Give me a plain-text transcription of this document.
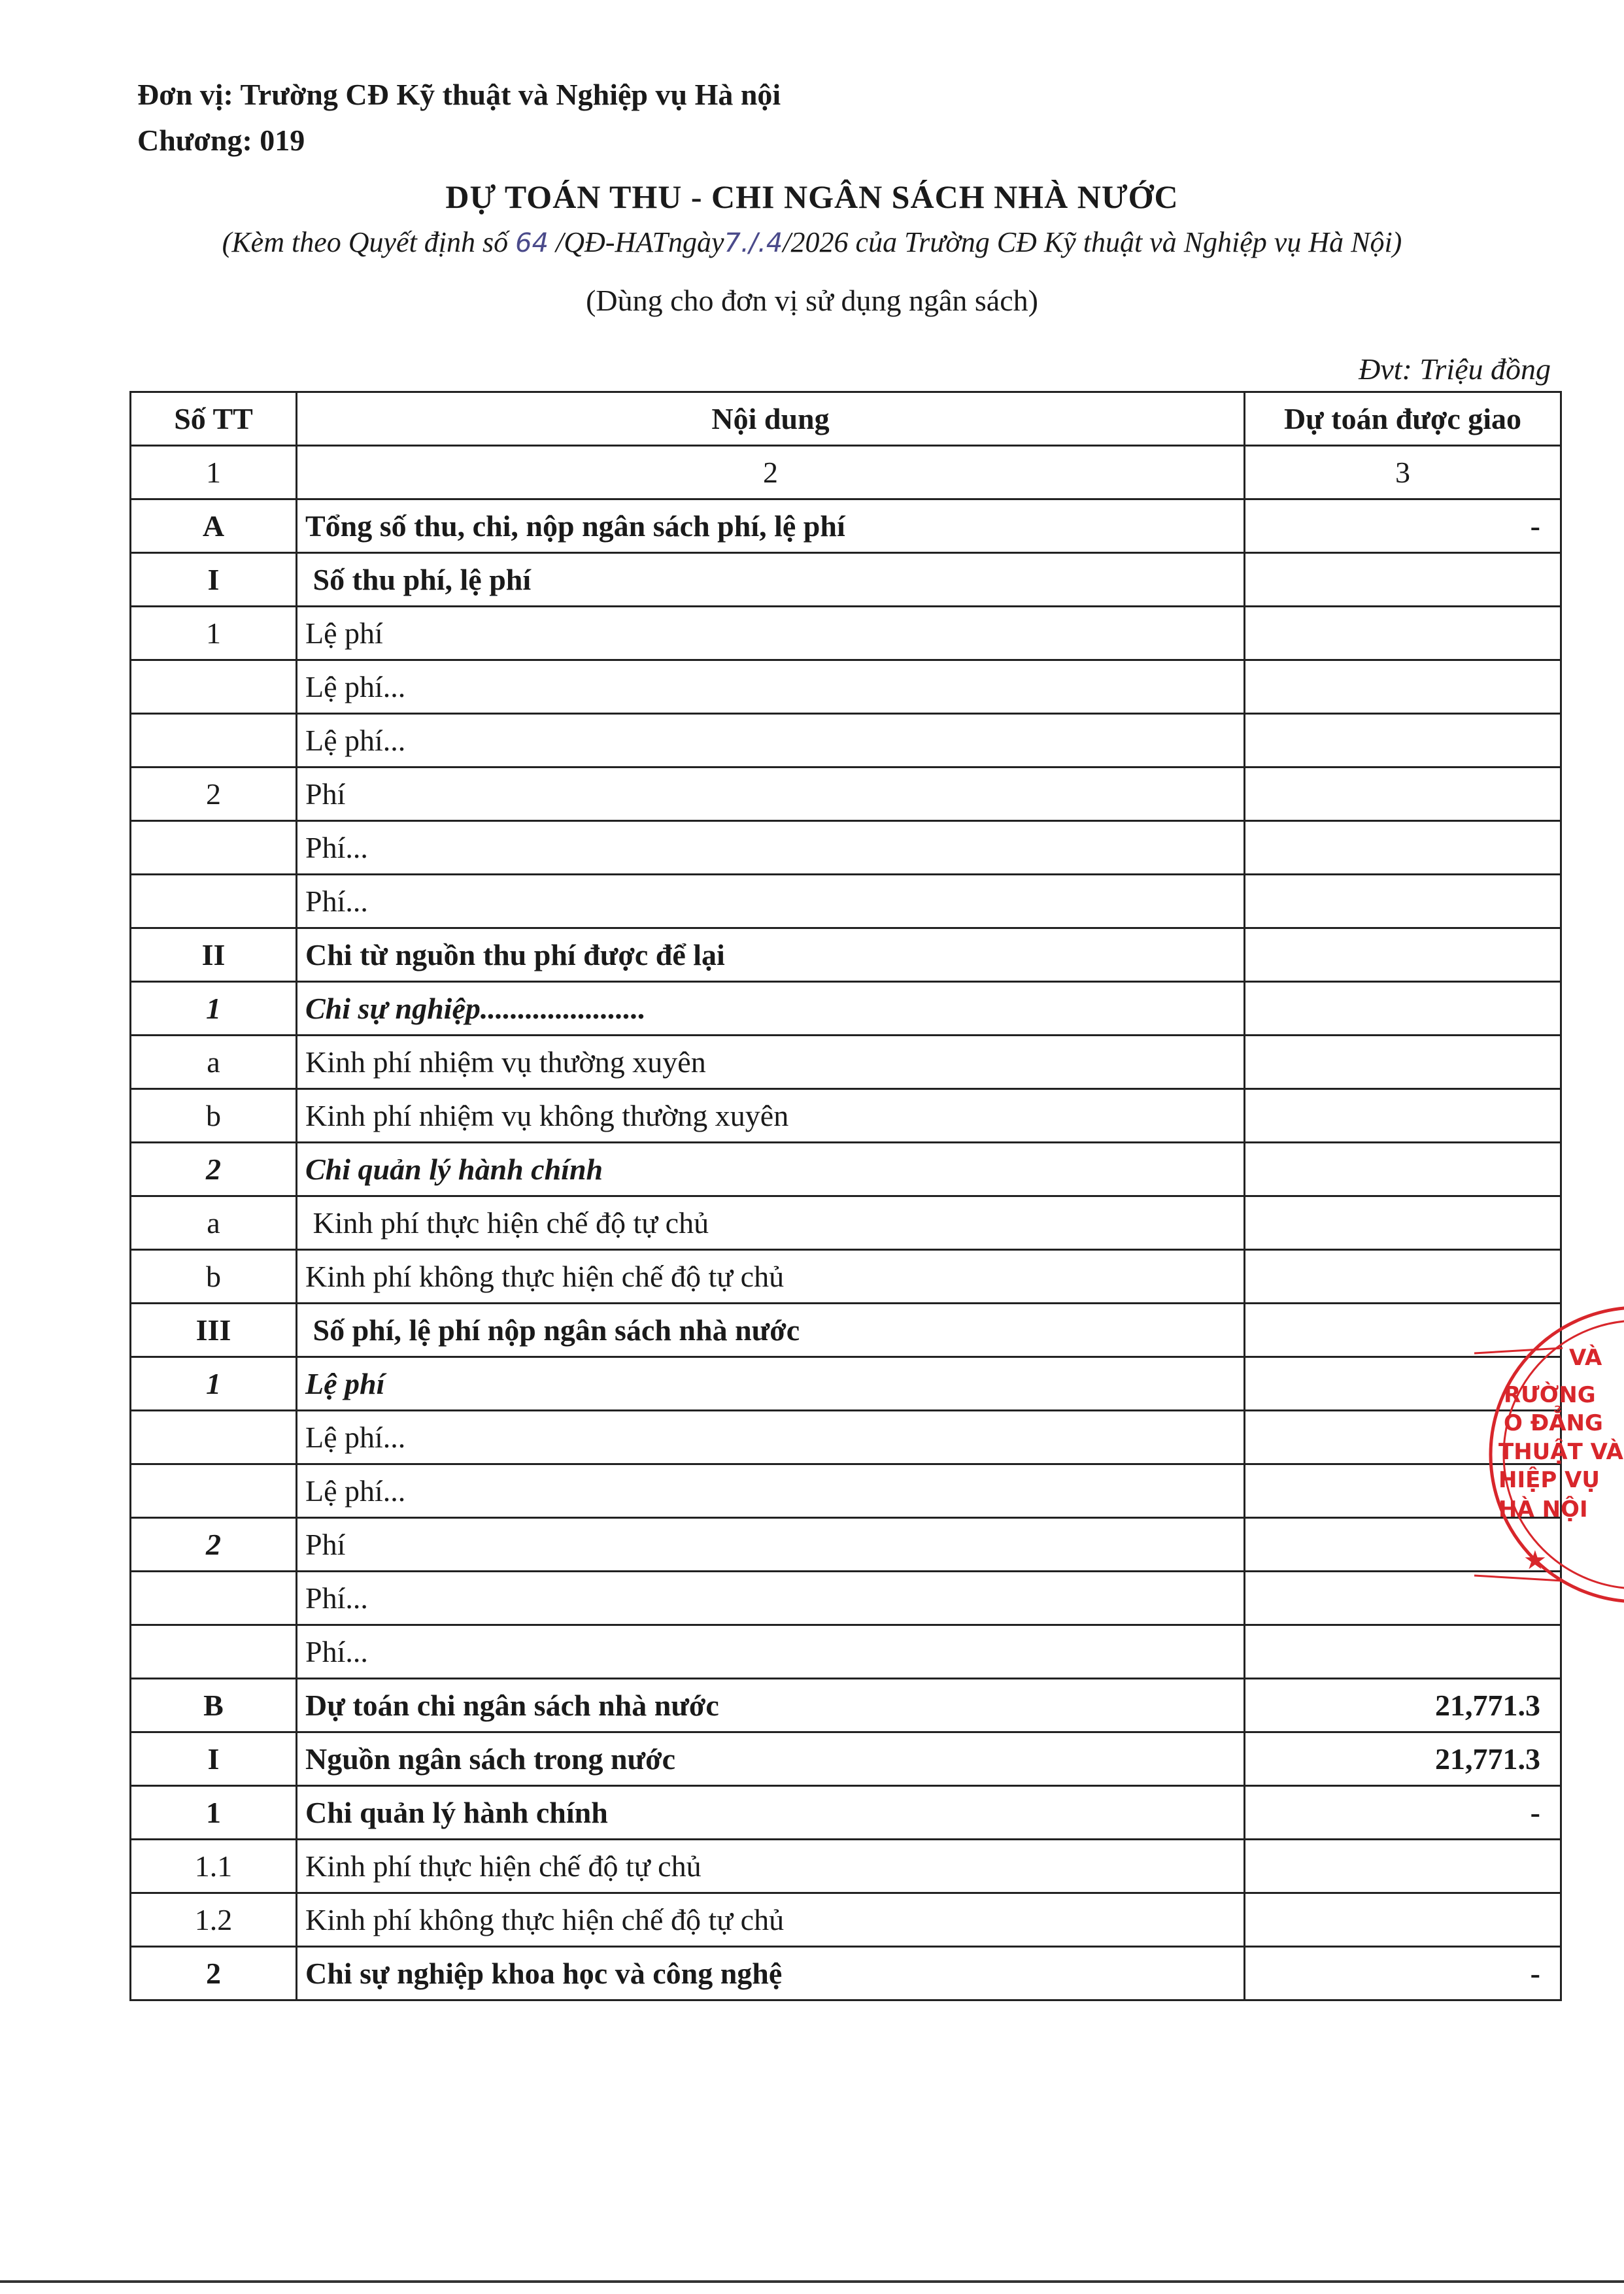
Đơn vị: Trường CĐ Kỹ thuật và Nghiệp vụ Hà nội
Chương: 019
DỰ TOÁN THU - CHI NGÂN SÁCH NHÀ NƯỚC
(Kèm theo Quyết định số 64 /QĐ-HATngày7./.4/2026 của Trường CĐ Kỹ thuật và Nghiệp vụ Hà Nội)
(Dùng cho đơn vị sử dụng ngân sách)
Đvt: Triệu đồng
Số TT	Nội dung	Dự toán được giao
1	2	3
A	Tổng số thu, chi, nộp ngân sách phí, lệ phí	-
I	Số thu phí, lệ phí	
1	Lệ phí	
	Lệ phí...	
	Lệ phí...	
2	Phí	
	Phí...	
	Phí...	
II	Chi từ nguồn thu phí được để lại	
1	Chi sự nghiệp......................	
a	Kinh phí nhiệm vụ thường xuyên	
b	Kinh phí nhiệm vụ không thường xuyên	
2	Chi quản lý hành chính	
a	Kinh phí thực hiện chế độ tự chủ	
b	Kinh phí không thực hiện chế độ tự chủ	
III	Số phí, lệ phí nộp ngân sách nhà nước	
1	Lệ phí	
	Lệ phí...	
	Lệ phí...	
2	Phí	
	Phí...	
	Phí...	
B	Dự toán chi ngân sách nhà nước	21,771.3
I	Nguồn ngân sách trong nước	21,771.3
1	Chi quản lý hành chính	-
1.1	Kinh phí thực hiện chế độ tự chủ	
1.2	Kinh phí không thực hiện chế độ tự chủ	
2	Chi sự nghiệp khoa học và công nghệ	-
VÀ
RƯỜNG
O ĐẲNG
THUẬT VÀ
HIỆP VỤ
HÀ NỘI
★
